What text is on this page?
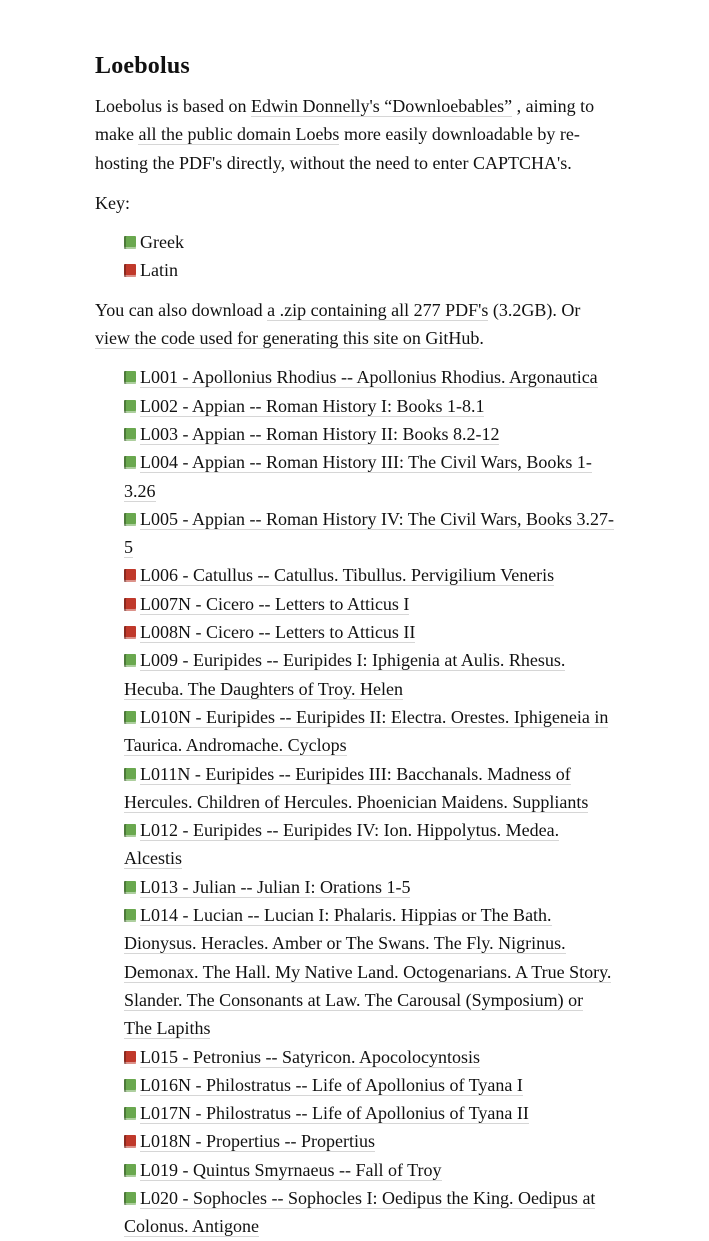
Loebolus

Loebolus is based on Edwin Donnelly's “Downloebables” , aiming to make all the public domain Loebs more easily downloadable by re-hosting the PDF's directly, without the need to enter CAPTCHA's.

Key:

Greek
Latin

You can also download a .zip containing all 277 PDF's (3.2GB). Or view the code used for generating this site on GitHub.

L001 - Apollonius Rhodius -- Apollonius Rhodius. Argonautica
L002 - Appian -- Roman History I: Books 1-8.1
L003 - Appian -- Roman History II: Books 8.2-12
L004 - Appian -- Roman History III: The Civil Wars, Books 1-3.26
L005 - Appian -- Roman History IV: The Civil Wars, Books 3.27-5
L006 - Catullus -- Catullus. Tibullus. Pervigilium Veneris
L007N - Cicero -- Letters to Atticus I
L008N - Cicero -- Letters to Atticus II
L009 - Euripides -- Euripides I: Iphigenia at Aulis. Rhesus. Hecuba. The Daughters of Troy. Helen
L010N - Euripides -- Euripides II: Electra. Orestes. Iphigeneia in Taurica. Andromache. Cyclops
L011N - Euripides -- Euripides III: Bacchanals. Madness of Hercules. Children of Hercules. Phoenician Maidens. Suppliants
L012 - Euripides -- Euripides IV: Ion. Hippolytus. Medea. Alcestis
L013 - Julian -- Julian I: Orations 1-5
L014 - Lucian -- Lucian I: Phalaris. Hippias or The Bath. Dionysus. Heracles. Amber or The Swans. The Fly. Nigrinus. Demonax. The Hall. My Native Land. Octogenarians. A True Story. Slander. The Consonants at Law. The Carousal (Symposium) or The Lapiths
L015 - Petronius -- Satyricon. Apocolocyntosis
L016N - Philostratus -- Life of Apollonius of Tyana I
L017N - Philostratus -- Life of Apollonius of Tyana II
L018N - Propertius -- Propertius
L019 - Quintus Smyrnaeus -- Fall of Troy
L020 - Sophocles -- Sophocles I: Oedipus the King. Oedipus at Colonus. Antigone
